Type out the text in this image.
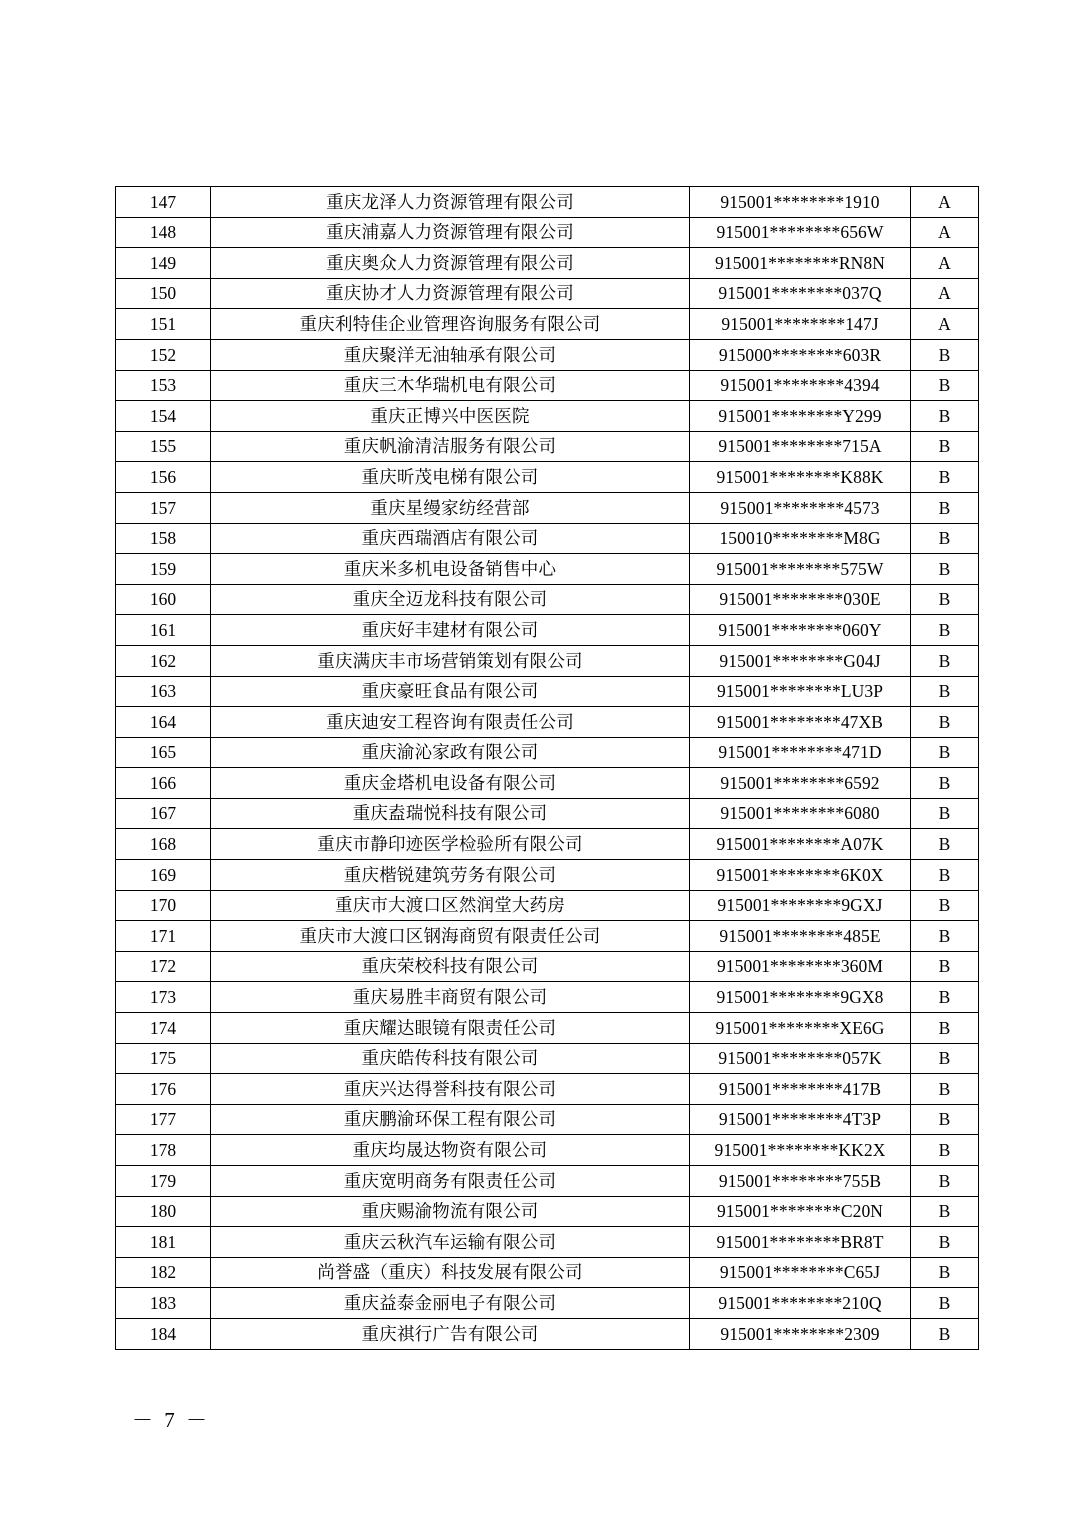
147	重庆龙泽人力资源管理有限公司	915001********1910	A
148	重庆浦嘉人力资源管理有限公司	915001********656W	A
149	重庆奥众人力资源管理有限公司	915001********RN8N	A
150	重庆协才人力资源管理有限公司	915001********037Q	A
151	重庆利特佳企业管理咨询服务有限公司	915001********147J	A
152	重庆聚洋无油轴承有限公司	915000********603R	B
153	重庆三木华瑞机电有限公司	915001********4394	B
154	重庆正博兴中医医院	915001********Y299	B
155	重庆帆渝清洁服务有限公司	915001********715A	B
156	重庆昕茂电梯有限公司	915001********K88K	B
157	重庆星缦家纺经营部	915001********4573	B
158	重庆西瑞酒店有限公司	150010********M8G	B
159	重庆米多机电设备销售中心	915001********575W	B
160	重庆全迈龙科技有限公司	915001********030E	B
161	重庆好丰建材有限公司	915001********060Y	B
162	重庆满庆丰市场营销策划有限公司	915001********G04J	B
163	重庆豪旺食品有限公司	915001********LU3P	B
164	重庆迪安工程咨询有限责任公司	915001********47XB	B
165	重庆渝沁家政有限公司	915001********471D	B
166	重庆金塔机电设备有限公司	915001********6592	B
167	重庆盍瑞悦科技有限公司	915001********6080	B
168	重庆市静印迹医学检验所有限公司	915001********A07K	B
169	重庆楷锐建筑劳务有限公司	915001********6K0X	B
170	重庆市大渡口区然润堂大药房	915001********9GXJ	B
171	重庆市大渡口区钢海商贸有限责任公司	915001********485E	B
172	重庆荣校科技有限公司	915001********360M	B
173	重庆易胜丰商贸有限公司	915001********9GX8	B
174	重庆耀达眼镜有限责任公司	915001********XE6G	B
175	重庆皓传科技有限公司	915001********057K	B
176	重庆兴达得誉科技有限公司	915001********417B	B
177	重庆鹏渝环保工程有限公司	915001********4T3P	B
178	重庆均晟达物资有限公司	915001********KK2X	B
179	重庆宽明商务有限责任公司	915001********755B	B
180	重庆赐渝物流有限公司	915001********C20N	B
181	重庆云秋汽车运输有限公司	915001********BR8T	B
182	尚誉盛（重庆）科技发展有限公司	915001********C65J	B
183	重庆益泰金丽电子有限公司	915001********210Q	B
184	重庆祺行广告有限公司	915001********2309	B
－ 7 －
